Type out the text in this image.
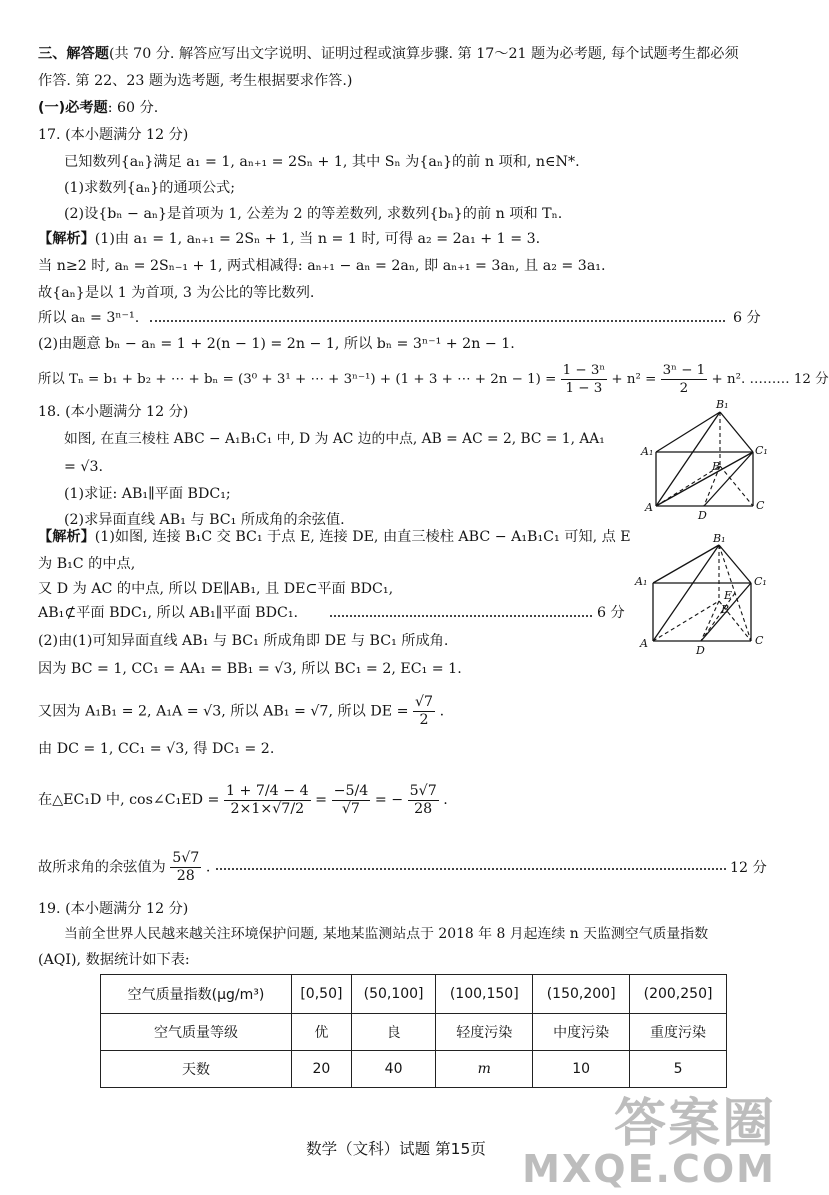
三、解答题(共 70 分. 解答应写出文字说明、证明过程或演算步骤. 第 17～21 题为必考题, 每个试题考生都必须
作答. 第 22、23 题为选考题, 考生根据要求作答.)
(一)必考题: 60 分.
17. (本小题满分 12 分)
已知数列{aₙ}满足 a₁ = 1, aₙ₊₁ = 2Sₙ + 1, 其中 Sₙ 为{aₙ}的前 n 项和, n∈N*.
(1)求数列{aₙ}的通项公式;
(2)设{bₙ − aₙ}是首项为 1, 公差为 2 的等差数列, 求数列{bₙ}的前 n 项和 Tₙ.
【解析】(1)由 a₁ = 1, aₙ₊₁ = 2Sₙ + 1, 当 n = 1 时, 可得 a₂ = 2a₁ + 1 = 3.
当 n≥2 时, aₙ = 2Sₙ₋₁ + 1, 两式相减得: aₙ₊₁ − aₙ = 2aₙ, 即 aₙ₊₁ = 3aₙ, 且 a₂ = 3a₁.
故{aₙ}是以 1 为首项, 3 为公比的等比数列.
所以 aₙ = 3ⁿ⁻¹.	6 分
(2)由题意 bₙ − aₙ = 1 + 2(n − 1) = 2n − 1, 所以 bₙ = 3ⁿ⁻¹ + 2n − 1.
所以 Tₙ = b₁ + b₂ + ⋯ + bₙ = (3⁰ + 3¹ + ⋯ + 3ⁿ⁻¹) + (1 + 3 + ⋯ + $2n - 1) = \frac{\text{1 − 3ⁿ}}{1 - 3} + n^2 = \frac{\text{3ⁿ − 1}}{2} + n^2$. ……… 12 分
18. (本小题满分 12 分)
如图, 在直三棱柱 ABC − A₁B₁C₁ 中, D 为 AC 边的中点, AB = AC = 2, BC = 1, AA₁
= √3.
(1)求证: AB₁∥平面 BDC₁;
(2)求异面直线 AB₁ 与 BC₁ 所成角的余弦值.
B₁
A₁	C₁
B
A	C
D
【解析】(1)如图, 连接 B₁C 交 BC₁ 于点 E, 连接 DE, 由直三棱柱 ABC − A₁B₁C₁ 可知, 点 E
为 B₁C 的中点,
又 D 为 AC 的中点, 所以 DE∥AB₁, 且 DE⊂平面 BDC₁,
AB₁⊄平面 BDC₁, 所以 AB₁∥平面 BDC₁.	6 分
(2)由(1)可知异面直线 AB₁ 与 BC₁ 所成角即 DE 与 BC₁ 所成角.
因为 BC = 1, CC₁ = AA₁ = BB₁ = √3, 所以 BC₁ = 2, EC₁ = 1.
B₁
A₁	C₁
E
B
A	C
D
又因为 A₁B₁ = 2, A₁A = √3, 所以 AB₁ = √7, 所以 DE = $\frac{√7}{2}$ .
由 DC = 1, CC₁ = √3, 得 DC₁ = 2.
在△EC₁D 中, cos∠C₁ED = $\frac{1 + 7/4 - 4}{2\times 1\times√7/2} = \frac{-5/4}{√7}$ = − $\frac{5√7}{28}$ .
故所求角的余弦值为 $\frac{5√7}{28}$ .	12 分
19. (本小题满分 12 分)
当前全世界人民越来越关注环境保护问题, 某地某监测站点于 2018 年 8 月起连续 n 天监测空气质量指数
(AQI), 数据统计如下表:
空气质量指数(μg/m³)	[0,50]	(50,100]	(100,150]	(150,200]	(200,250]
空气质量等级	优	良	轻度污染	中度污染	重度污染
天数	20	40	m	10	5
数学（文科）试题 第15页	答案圈
MXQE.COM
